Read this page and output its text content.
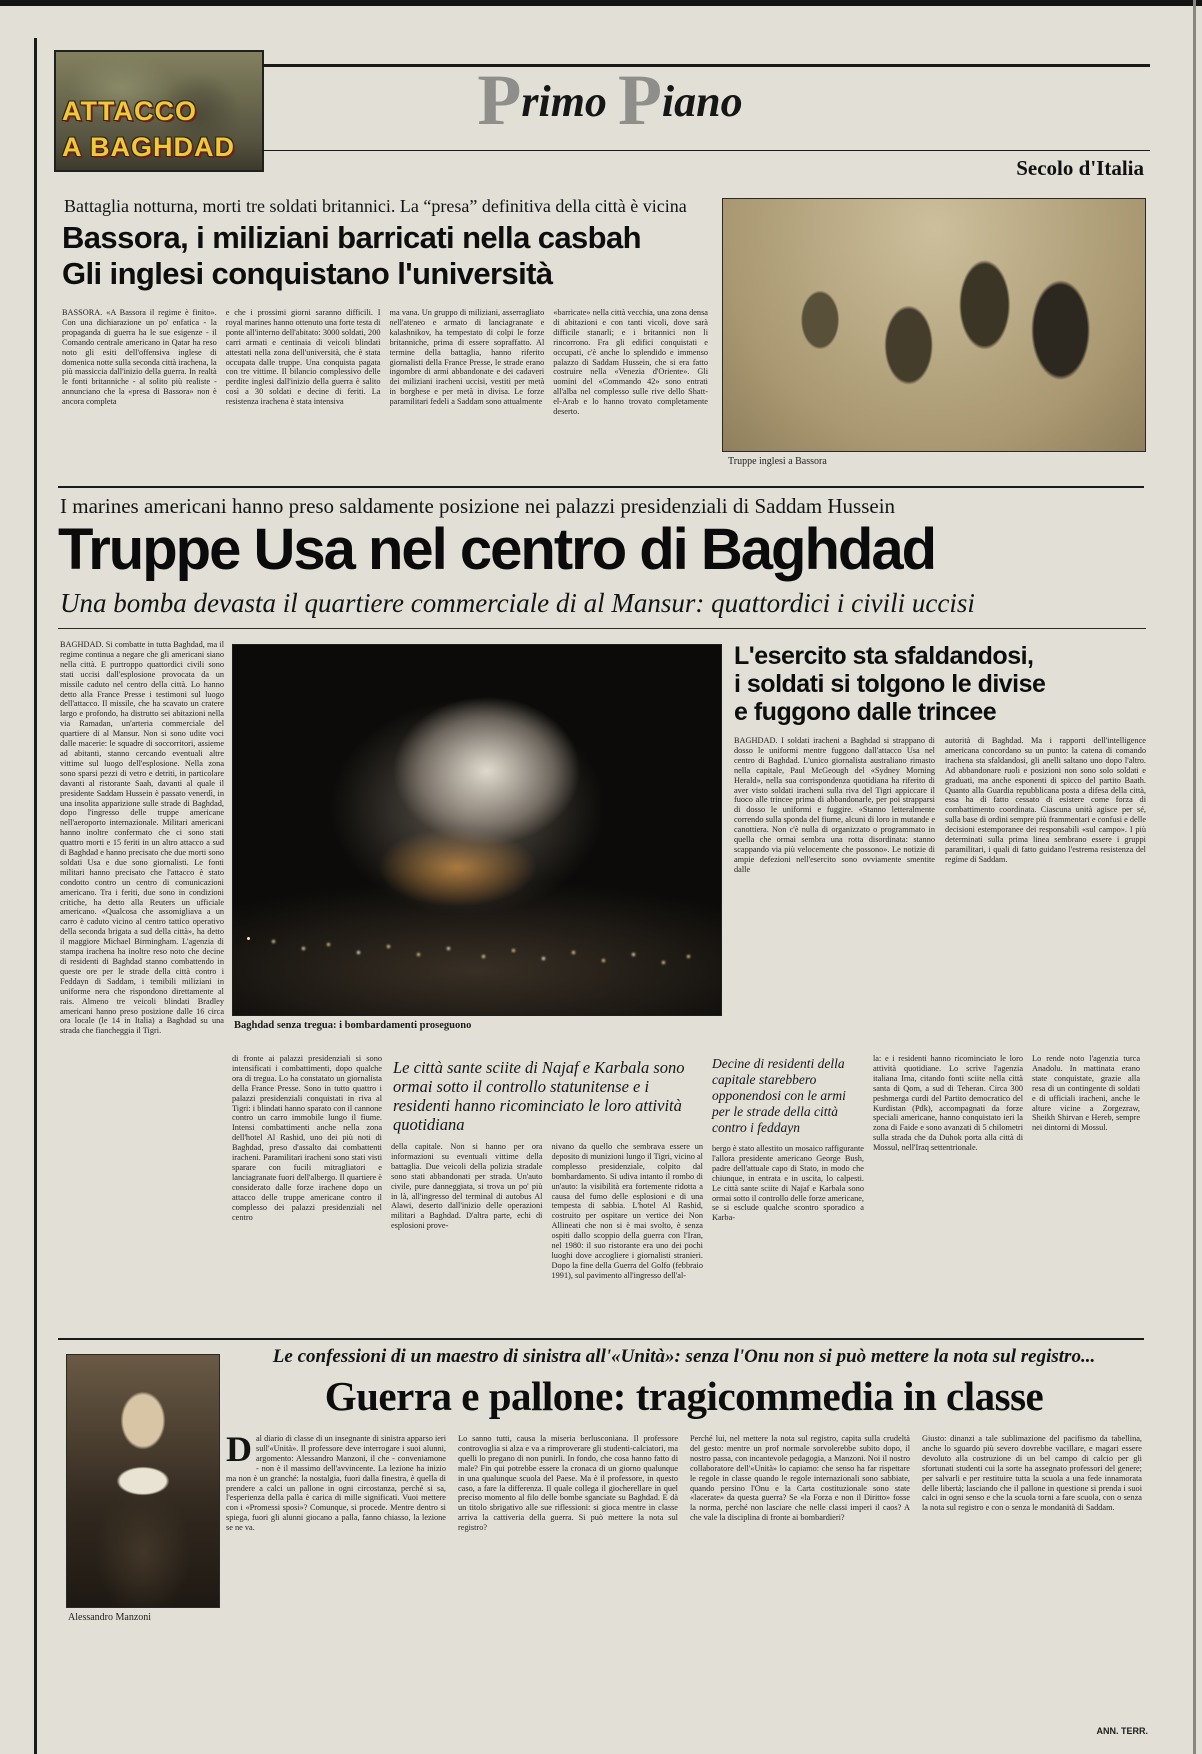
ATTACCO
A BAGHDAD
Primo Piano
Secolo d'Italia
Battaglia notturna, morti tre soldati britannici. La “presa” definitiva della città è vicina
Bassora, i miliziani barricati nella casbah
Gli inglesi conquistano l'università
BASSORA. «A Bassora il regime è finito». Con una dichiarazione un po' enfatica - la propaganda di guerra ha le sue esigenze - il Comando centrale americano in Qatar ha reso noto gli esiti dell'offensiva inglese di domenica notte sulla seconda città irachena, la più massiccia dall'inizio della guerra. In realtà le fonti britanniche - al solito più realiste - annunciano che la «presa di Bassora» non è ancora completa
e che i prossimi giorni saranno difficili. I royal marines hanno ottenuto una forte testa di ponte all'interno dell'abitato: 3000 soldati, 200 carri armati e centinaia di veicoli blindati attestati nella zona dell'università, che è stata occupata dalle truppe. Una conquista pagata con tre vittime. Il bilancio complessivo delle perdite inglesi dall'inizio della guerra è salito così a 30 soldati e decine di feriti. La resistenza irachena è stata intensiva
ma vana. Un gruppo di miliziani, asserragliato nell'ateneo e armato di lanciagranate e kalashnikov, ha tempestato di colpi le forze britanniche, prima di essere sopraffatto. Al termine della battaglia, hanno riferito giornalisti della France Presse, le strade erano ingombre di armi abbandonate e dei cadaveri dei miliziani iracheni uccisi, vestiti per metà in borghese e per metà in divisa. Le forze paramilitari fedeli a Saddam sono attualmente
«barricate» nella città vecchia, una zona densa di abitazioni e con tanti vicoli, dove sarà difficile stanarli; e i britannici non li rincorrono. Fra gli edifici conquistati e occupati, c'è anche lo splendido e immenso palazzo di Saddam Hussein, che si era fatto costruire nella «Venezia d'Oriente». Gli uomini del «Commando 42» sono entrati all'alba nel complesso sulle rive dello Shatt-el-Arab e lo hanno trovato completamente deserto.
Truppe inglesi a Bassora
I marines americani hanno preso saldamente posizione nei palazzi presidenziali di Saddam Hussein
Truppe Usa nel centro di Baghdad
Una bomba devasta il quartiere commerciale di al Mansur: quattordici i civili uccisi
BAGHDAD. Si combatte in tutta Baghdad, ma il regime continua a negare che gli americani siano nella città. E purtroppo quattordici civili sono stati uccisi dall'esplosione provocata da un missile caduto nel centro della città. Lo hanno detto alla France Presse i testimoni sul luogo dell'attacco. Il missile, che ha scavato un cratere largo e profondo, ha distrutto sei abitazioni nella via Ramadan, un'arteria commerciale del quartiere di al Mansur. Non si sono udite voci dalle macerie: le squadre di soccorritori, assieme ad abitanti, stanno cercando eventuali altre vittime sul luogo dell'esplosione. Nella zona sono sparsi pezzi di vetro e detriti, in particolare davanti al ristorante Saah, davanti al quale il presidente Saddam Hussein è passato venerdì, in una insolita apparizione sulle strade di Baghdad, dopo l'ingresso delle truppe americane nell'aeroporto internazionale. Militari americani hanno inoltre confermato che ci sono stati quattro morti e 15 feriti in un altro attacco a sud di Baghdad e hanno precisato che due morti sono soldati Usa e due sono giornalisti. Le fonti militari hanno precisato che l'attacco è stato condotto contro un centro di comunicazioni americano. Tra i feriti, due sono in condizioni critiche, ha detto alla Reuters un ufficiale americano. «Qualcosa che assomigliava a un carro è caduto vicino al centro tattico operativo della seconda brigata a sud della città», ha detto il maggiore Michael Birmingham. L'agenzia di stampa irachena ha inoltre reso noto che decine di residenti di Baghdad stanno combattendo in queste ore per le strade della città contro i Feddayn di Saddam, i temibili miliziani in uniforme nera che rispondono direttamente al rais. Almeno tre veicoli blindati Bradley americani hanno preso posizione dalle 16 circa ora locale (le 14 in Italia) a Baghdad su una strada che fiancheggia il Tigri.	Baghdad senza tregua: i bombardamenti proseguono
L'esercito sta sfaldandosi,
i soldati si tolgono le divise
e fuggono dalle trincee
BAGHDAD. I soldati iracheni a Baghdad si strappano di dosso le uniformi mentre fuggono dall'attacco Usa nel centro di Baghdad. L'unico giornalista australiano rimasto nella capitale, Paul McGeough del «Sydney Morning Herald», nella sua corrispondenza quotidiana ha riferito di aver visto soldati iracheni sulla riva del Tigri appiccare il fuoco alle trincee prima di abbandonarle, per poi strapparsi di dosso le uniformi e fuggire. «Stanno letteralmente correndo sulla sponda del fiume, alcuni di loro in mutande e canottiera. Non c'è nulla di organizzato o programmato in quella che ormai sembra una rotta disordinata: stanno scappando via più velocemente che possono». Le notizie di ampie defezioni nell'esercito sono ovviamente smentite dalle
autorità di Baghdad. Ma i rapporti dell'intelligence americana concordano su un punto: la catena di comando irachena sta sfaldandosi, gli anelli saltano uno dopo l'altro. Ad abbandonare ruoli e posizioni non sono solo soldati e graduati, ma anche esponenti di spicco del partito Baath. Quanto alla Guardia repubblicana posta a difesa della città, essa ha di fatto cessato di esistere come forza di combattimento coordinata. Ciascuna unità agisce per sé, sulla base di ordini sempre più frammentari e confusi e delle decisioni estemporanee dei responsabili «sul campo». I più determinati sulla prima linea sembrano essere i gruppi paramilitari, i quali di fatto guidano l'estrema resistenza del regime di Saddam.
di fronte ai palazzi presidenziali si sono intensificati i combattimenti, dopo qualche ora di tregua. Lo ha constatato un giornalista della France Presse. Sono in tutto quattro i palazzi presidenziali conquistati in riva al Tigri: i blindati hanno sparato con il cannone contro un carro immobile lungo il fiume. Intensi combattimenti anche nella zona dell'hotel Al Rashid, uno dei più noti di Baghdad, preso d'assalto dai combattenti iracheni. Paramilitari iracheni sono stati visti sparare con fucili mitragliatori e lanciagranate fuori dell'albergo. Il quartiere è considerato dalle forze irachene dopo un attacco delle truppe americane contro il complesso dei palazzi presidenziali nel centro
Le città sante sciite di Najaf e Karbala sono ormai sotto il controllo statunitense e i residenti hanno ricominciato le loro attività quotidiana
della capitale. Non si hanno per ora informazioni su eventuali vittime della battaglia. Due veicoli della polizia stradale sono stati abbandonati per strada. Un'auto civile, pure danneggiata, si trova un po' più in là, all'ingresso del terminal di autobus Al Alawi, deserto dall'inizio delle operazioni militari a Baghdad. D'altra parte, echi di esplosioni prove-
nivano da quello che sembrava essere un deposito di munizioni lungo il Tigri, vicino al complesso presidenziale, colpito dal bombardamento. Si udiva intanto il rombo di un'auto: la visibilità era fortemente ridotta a causa del fumo delle esplosioni e di una tempesta di sabbia. L'hotel Al Rashid, costruito per ospitare un vertice dei Non Allineati che non si è mai svolto, è senza ospiti dallo scoppio della guerra con l'Iran, nel 1980: il suo ristorante era uno dei pochi luoghi dove accogliere i giornalisti stranieri. Dopo la fine della Guerra del Golfo (febbraio 1991), sul pavimento all'ingresso dell'al-
Decine di residenti della capitale starebbero opponendosi con le armi per le strade della città contro i feddayn
bergo è stato allestito un mosaico raffigurante l'allora presidente americano George Bush, padre dell'attuale capo di Stato, in modo che chiunque, in entrata e in uscita, lo calpesti. Le città sante sciite di Najaf e Karbala sono ormai sotto il controllo delle forze americane, se si esclude qualche scontro sporadico a Karba-
la: e i residenti hanno ricominciato le loro attività quotidiane. Lo scrive l'agenzia italiana Irna, citando fonti sciite nella città santa di Qom, a sud di Teheran. Circa 300 peshmerga curdi del Partito democratico del Kurdistan (Pdk), accompagnati da forze speciali americane, hanno conquistato ieri la zona di Faide e sono avanzati di 5 chilometri sulla strada che da Duhok porta alla città di Mossul, nell'Iraq settentrionale.
Lo rende noto l'agenzia turca Anadolu. In mattinata erano state conquistate, grazie alla resa di un contingente di soldati e di ufficiali iracheni, anche le alture vicine a Zorgezraw, Sheikh Shirvan e Hereb, sempre nei dintorni di Mossul.
Alessandro Manzoni
Le confessioni di un maestro di sinistra all'«Unità»: senza l'Onu non si può mettere la nota sul registro...
Guerra e pallone: tragicommedia in classe
Dal diario di classe di un insegnante di sinistra apparso ieri sull'«Unità». Il professore deve interrogare i suoi alunni, argomento: Alessandro Manzoni, il che - conveniamone - non è il massimo dell'avvincente. La lezione ha inizio ma non è un granché: la nostalgia, fuori dalla finestra, è quella di prendere a calci un pallone in ogni circostanza, perché si sa, l'esperienza della palla è carica di mille significati. Vuoi mettere con i «Promessi sposi»? Comunque, si procede. Mentre dentro si spiega, fuori gli alunni giocano a palla, fanno chiasso, la lezione se ne va.
Lo sanno tutti, causa la miseria berlusconiana. Il professore controvoglia si alza e va a rimproverare gli studenti-calciatori, ma quelli lo pregano di non punirli. In fondo, che cosa hanno fatto di male? Fin qui potrebbe essere la cronaca di un giorno qualunque in una qualunque scuola del Paese. Ma è il professore, in questo caso, a fare la differenza. Il quale collega il giocherellare in quel preciso momento al filo delle bombe sganciate su Baghdad. E dà un titolo sbrigativo alle sue riflessioni: si gioca mentre in classe arriva la cattiveria della guerra. Si può mettere la nota sul registro?
Perché lui, nel mettere la nota sul registro, capita sulla crudeltà del gesto: mentre un prof normale sorvolerebbe subito dopo, il nostro passa, con incantevole pedagogia, a Manzoni. Noi il nostro collaboratore dell'«Unità» lo capiamo: che senso ha far rispettare le regole in classe quando le regole internazionali sono sabbiate, quando persino l'Onu e la Carta costituzionale sono state «lacerate» da questa guerra? Se «la Forza e non il Diritto» fosse la norma, perché non lasciare che nelle classi imperi il caos? A che vale la disciplina di fronte ai bombardieri?
Giusto: dinanzi a tale sublimazione del pacifismo da tabellina, anche lo sguardo più severo dovrebbe vacillare, e magari essere devoluto alla costruzione di un bel campo di calcio per gli sfortunati studenti cui la sorte ha assegnato professori del genere; per salvarli e per restituire tutta la scuola a una fede innamorata delle libertà; lasciando che il pallone in questione si prenda i suoi calci in ogni senso e che la scuola torni a fare scuola, con o senza la nota sul registro e con o senza le mondanità di Saddam.
ANN. TERR.
